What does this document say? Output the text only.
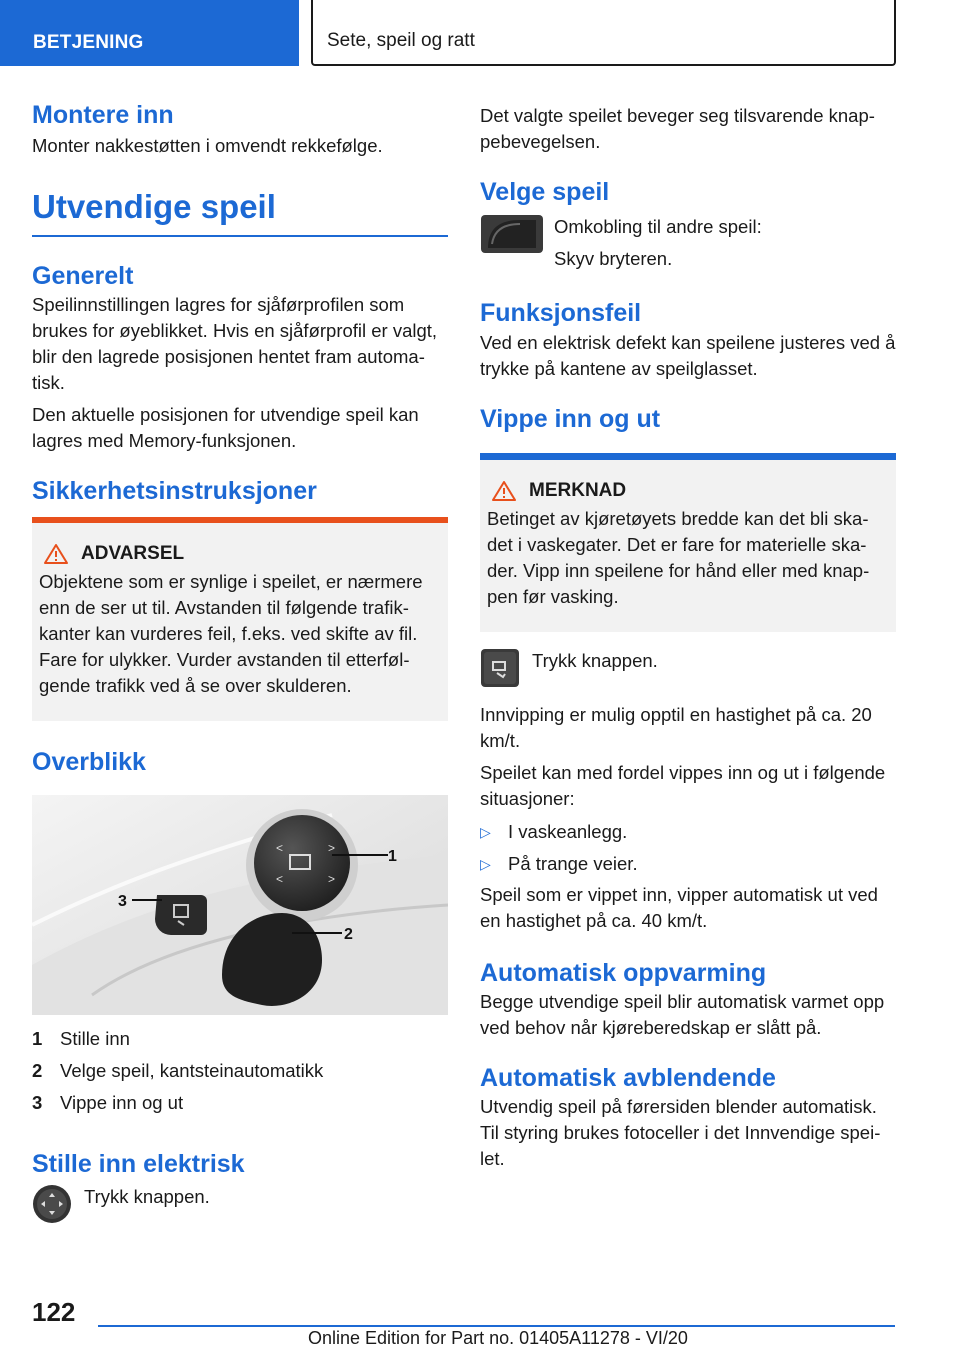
BETJENING	Sete, speil og ratt
Montere inn

Monter nakkestøtten i omvendt rekkefølge.

Utvendige speil
Generelt

Speilinnstillingen lagres for sjåførprofilen som brukes for øyeblikket. Hvis en sjåførprofil er valgt, blir den lagrede posisjonen hentet fram automatisk.

Den aktuelle posisjonen for utvendige speil kan lagres med Memory-funksjonen.

Sikkerhetsinstruksjoner
ADVARSEL

Objektene som er synlige i speilet, er nærmere enn de ser ut til. Avstanden til følgende trafikkanter kan vurderes feil, f.eks. ved skifte av fil. Fare for ulykker. Vurder avstanden til etterfølgende trafikk ved å se over skulderen.

Overblikk
<	>
<	>
1
2
3
1 Stille inn
2 Velge speil, kantsteinautomatikk
3 Vippe inn og ut
Stille inn elektrisk

Trykk knappen.

Det valgte speilet beveger seg tilsvarende knappebevegelsen.

Velge speil

Omkobling til andre speil:

Skyv bryteren.

Funksjonsfeil

Ved en elektrisk defekt kan speilene justeres ved å trykke på kantene av speilglasset.

Vippe inn og ut
MERKNAD

Betinget av kjøretøyets bredde kan det bli skadet i vaskegater. Det er fare for materielle skader. Vipp inn speilene for hånd eller med knappen før vasking.

Trykk knappen.

Innvipping er mulig opptil en hastighet på ca. 20 km/t.

Speilet kan med fordel vippes inn og ut i følgende situasjoner:

▷ I vaskeanlegg.
▷ På trange veier.

Speil som er vippet inn, vipper automatisk ut ved en hastighet på ca. 40 km/t.

Automatisk oppvarming

Begge utvendige speil blir automatisk varmet opp ved behov når kjørеberedskap er slått på.

Automatisk avblendende

Utvendig speil på førersiden blender automatisk. Til styring brukes fotoceller i det Innvendige speilet.

122
Online Edition for Part no. 01405A11278 - VI/20
